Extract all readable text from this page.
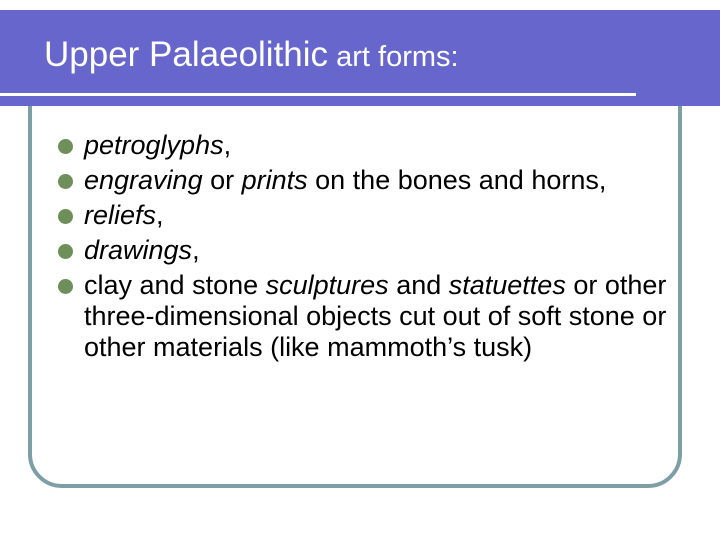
Upper Palaeolithic art forms:
petroglyphs,
engraving or prints on the bones and horns,
reliefs,
drawings,
clay and stone sculptures and statuettes or other three-dimensional objects cut out of soft stone or other materials (like mammoth’s tusk)
